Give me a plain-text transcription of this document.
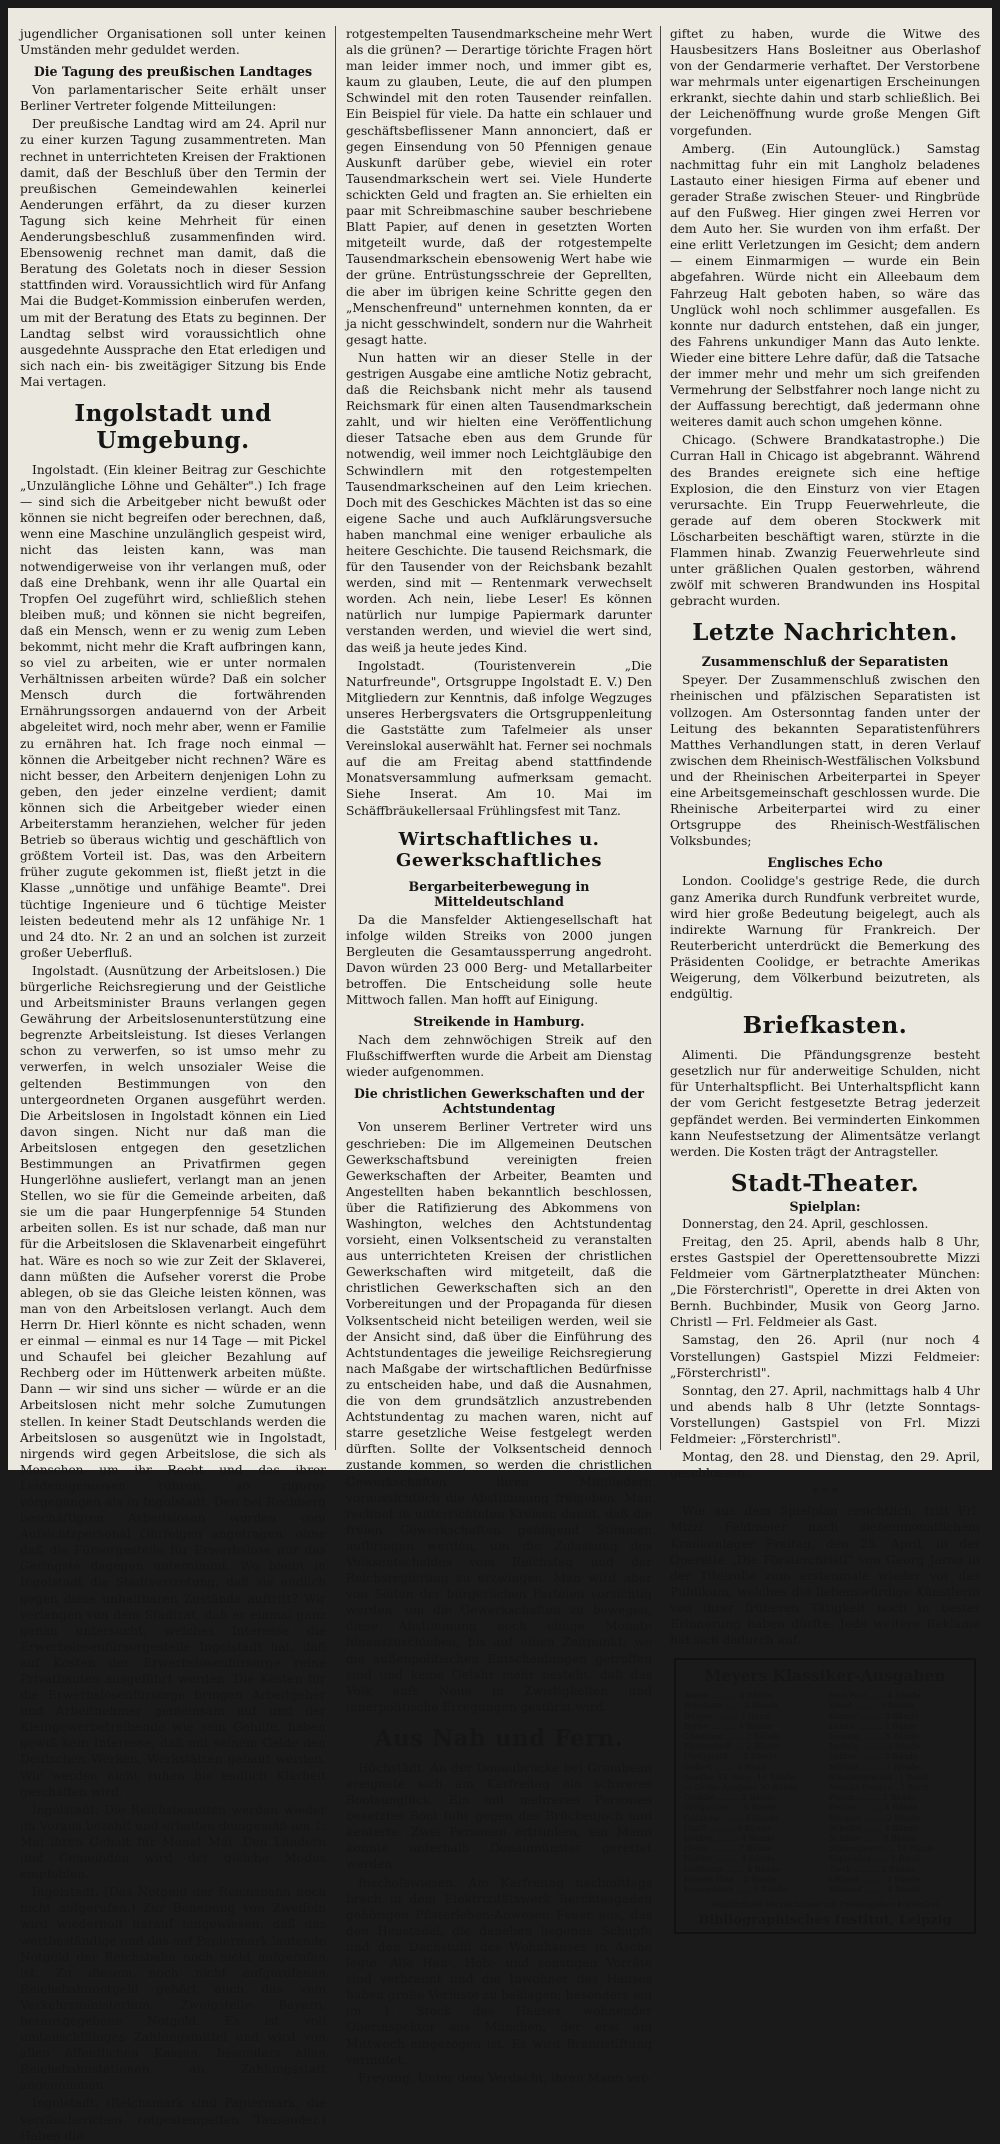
jugendlicher Organisationen soll unter keinen Umständen mehr geduldet werden.

Die Tagung des preußischen Landtages

Von parlamentarischer Seite erhält unser Berliner Vertreter folgende Mitteilungen:

Der preußische Landtag wird am 24. April nur zu einer kurzen Tagung zusammentreten. Man rechnet in unterrichteten Kreisen der Fraktionen damit, daß der Beschluß über den Termin der preußischen Gemeindewahlen keinerlei Aenderungen erfährt, da zu dieser kurzen Tagung sich keine Mehrheit für einen Aenderungsbeschluß zusammenfinden wird. Ebensowenig rechnet man damit, daß die Beratung des Goletats noch in dieser Session stattfinden wird. Voraussichtlich wird für Anfang Mai die Budget-Kommission einberufen werden, um mit der Beratung des Etats zu beginnen. Der Landtag selbst wird voraussichtlich ohne ausgedehnte Aussprache den Etat erledigen und sich nach ein- bis zweitägiger Sitzung bis Ende Mai vertagen.

Ingolstadt und Umgebung.

Ingolstadt. (Ein kleiner Beitrag zur Geschichte „Unzulängliche Löhne und Gehälter".) Ich frage — sind sich die Arbeitgeber nicht bewußt oder können sie nicht begreifen oder berechnen, daß, wenn eine Maschine unzulänglich gespeist wird, nicht das leisten kann, was man notwendigerweise von ihr verlangen muß, oder daß eine Drehbank, wenn ihr alle Quartal ein Tropfen Oel zugeführt wird, schließlich stehen bleiben muß; und können sie nicht begreifen, daß ein Mensch, wenn er zu wenig zum Leben bekommt, nicht mehr die Kraft aufbringen kann, so viel zu arbeiten, wie er unter normalen Verhältnissen arbeiten würde? Daß ein solcher Mensch durch die fortwährenden Ernährungssorgen andauernd von der Arbeit abgeleitet wird, noch mehr aber, wenn er Familie zu ernähren hat. Ich frage noch einmal — können die Arbeitgeber nicht rechnen? Wäre es nicht besser, den Arbeitern denjenigen Lohn zu geben, den jeder einzelne verdient; damit können sich die Arbeitgeber wieder einen Arbeiterstamm heranziehen, welcher für jeden Betrieb so überaus wichtig und geschäftlich von größtem Vorteil ist. Das, was den Arbeitern früher zugute gekommen ist, fließt jetzt in die Klasse „unnötige und unfähige Beamte". Drei tüchtige Ingenieure und 6 tüchtige Meister leisten bedeutend mehr als 12 unfähige Nr. 1 und 24 dto. Nr. 2 an und an solchen ist zurzeit großer Ueberfluß.

Ingolstadt. (Ausnützung der Arbeitslosen.) Die bürgerliche Reichsregierung und der Geistliche und Arbeitsminister Brauns verlangen gegen Gewährung der Arbeitslosenunterstützung eine begrenzte Arbeitsleistung. Ist dieses Verlangen schon zu verwerfen, so ist umso mehr zu verwerfen, in welch unsozialer Weise die geltenden Bestimmungen von den untergeordneten Organen ausgeführt werden. Die Arbeitslosen in Ingolstadt können ein Lied davon singen. Nicht nur daß man die Arbeitslosen entgegen den gesetzlichen Bestimmungen an Privatfirmen gegen Hungerlöhne ausliefert, verlangt man an jenen Stellen, wo sie für die Gemeinde arbeiten, daß sie um die paar Hungerpfennige 54 Stunden arbeiten sollen. Es ist nur schade, daß man nur für die Arbeitslosen die Sklavenarbeit eingeführt hat. Wäre es noch so wie zur Zeit der Sklaverei, dann müßten die Aufseher vorerst die Probe ablegen, ob sie das Gleiche leisten können, was man von den Arbeitslosen verlangt. Auch dem Herrn Dr. Hierl könnte es nicht schaden, wenn er einmal — einmal es nur 14 Tage — mit Pickel und Schaufel bei gleicher Bezahlung auf Rechberg oder im Hüttenwerk arbeiten müßte. Dann — wir sind uns sicher — würde er an die Arbeitslosen nicht mehr solche Zumutungen stellen. In keiner Stadt Deutschlands werden die Arbeitslosen so ausgenützt wie in Ingolstadt, nirgends wird gegen Arbeitslose, die sich als Menschen um ihr Recht und das ihrer Leidensgenossen rühren, so rigoros vorgegangen als in Ingolstadt. Den bei Rechberg beschäftigten Arbeitslosen wurden vom Aufsichtspersonal Ohrfeigen angetragen, ohne daß die Fürsorgestelle für Erwerbslose nur das Geringste dagegen unternimmt. Wo bleibt in Ingolstadt die Stadtvertretung, daß sie endlich gegen diese unhaltbaren Zustände auftritt? Wir verlangen von dem Stadtrat, daß er einmal ganz genau untersucht, welches Interesse die Erwerbslosenfürsorgestelle Ingolstadt hat, daß auf Kosten der Erwerbslosenfürsorge reine Privatbauten ausgeführt werden. Die Kosten für die Erwerbslosenfürsorge bringen Arbeitgeber und Arbeitnehmer gemeinsam auf und der Kleingewerbetreibende wie sein Gehilfe, haben gewiß kein Interesse, daß mit seinem Gelde den Deutschen Werken, Werkstätten gebaut werden. Wir werden nicht ruhen bis endlich Klarheit geschaffen wird.

Ingolstadt. Die Reichsbeamten werden wieder im Voraus bezahlt und erhalten demgemäß am 1. Mai ihren Gehalt für Monat Mai. Den Ländern und Gemeinden wird der gleiche Modus empfohlen.

Ingolstadt. (Das Notgeld der Reichsbahn noch nicht aufgerufen.) Zur Behebung von Zweifeln wird wiederholt darauf hingewiesen, daß das wertbeständige und das auf Papiermark lautende Notgeld der Reichsbahn noch nicht aufgerufen ist. Zu diesem noch nicht aufgerufenen Reichsbahnnotgeld gehört auch das vom Verkehrsministerium, Zweigstelle Bayern, herausgegebene Notgeld. Es ist voll umtauschfähiges Zahlungsmittel und wird von allen öffentlichen Kassen, besonders allen Reichsbahnstationen, an Zahlungsstatt angenommen.

Ingolstadt. (Reichsmark sind Papiermark; die verräucherichen rotgestempelten Tausender.) Haben die

rotgestempelten Tausendmarkscheine mehr Wert als die grünen? — Derartige törichte Fragen hört man leider immer noch, und immer gibt es, kaum zu glauben, Leute, die auf den plumpen Schwindel mit den roten Tausender reinfallen. Ein Beispiel für viele. Da hatte ein schlauer und geschäftsbeflissener Mann annonciert, daß er gegen Einsendung von 50 Pfennigen genaue Auskunft darüber gebe, wieviel ein roter Tausendmarkschein wert sei. Viele Hunderte schickten Geld und fragten an. Sie erhielten ein paar mit Schreibmaschine sauber beschriebene Blatt Papier, auf denen in gesetzten Worten mitgeteilt wurde, daß der rotgestempelte Tausendmarkschein ebensowenig Wert habe wie der grüne. Entrüstungsschreie der Geprellten, die aber im übrigen keine Schritte gegen den „Menschenfreund" unternehmen konnten, da er ja nicht gesschwindelt, sondern nur die Wahrheit gesagt hatte.

Nun hatten wir an dieser Stelle in der gestrigen Ausgabe eine amtliche Notiz gebracht, daß die Reichsbank nicht mehr als tausend Reichsmark für einen alten Tausendmarkschein zahlt, und wir hielten eine Veröffentlichung dieser Tatsache eben aus dem Grunde für notwendig, weil immer noch Leichtgläubige den Schwindlern mit den rotgestempelten Tausendmarkscheinen auf den Leim kriechen. Doch mit des Geschickes Mächten ist das so eine eigene Sache und auch Aufklärungsversuche haben manchmal eine weniger erbauliche als heitere Geschichte. Die tausend Reichsmark, die für den Tausender von der Reichsbank bezahlt werden, sind mit — Rentenmark verwechselt worden. Ach nein, liebe Leser! Es können natürlich nur lumpige Papiermark darunter verstanden werden, und wieviel die wert sind, das weiß ja heute jedes Kind.

Ingolstadt. (Touristenverein „Die Naturfreunde", Ortsgruppe Ingolstadt E. V.) Den Mitgliedern zur Kenntnis, daß infolge Wegzuges unseres Herbergsvaters die Ortsgruppenleitung die Gaststätte zum Tafelmeier als unser Vereinslokal auserwählt hat. Ferner sei nochmals auf die am Freitag abend stattfindende Monatsversammlung aufmerksam gemacht. Siehe Inserat. Am 10. Mai im Schäffbräukellersaal Frühlingsfest mit Tanz.

Wirtschaftliches u. Gewerkschaftliches
Bergarbeiterbewegung in Mitteldeutschland

Da die Mansfelder Aktiengesellschaft hat infolge wilden Streiks von 2000 jungen Bergleuten die Gesamtaussperrung angedroht. Davon würden 23 000 Berg- und Metallarbeiter betroffen. Die Entscheidung solle heute Mittwoch fallen. Man hofft auf Einigung.

Streikende in Hamburg.

Nach dem zehnwöchigen Streik auf den Flußschiffwerften wurde die Arbeit am Dienstag wieder aufgenommen.

Die christlichen Gewerkschaften und der Achtstundentag

Von unserem Berliner Vertreter wird uns geschrieben: Die im Allgemeinen Deutschen Gewerkschaftsbund vereinigten freien Gewerkschaften der Arbeiter, Beamten und Angestellten haben bekanntlich beschlossen, über die Ratifizierung des Abkommens von Washington, welches den Achtstundentag vorsieht, einen Volksentscheid zu veranstalten aus unterrichteten Kreisen der christlichen Gewerkschaften wird mitgeteilt, daß die christlichen Gewerkschaften sich an den Vorbereitungen und der Propaganda für diesen Volksentscheid nicht beteiligen werden, weil sie der Ansicht sind, daß über die Einführung des Achtstundentages die jeweilige Reichsregierung nach Maßgabe der wirtschaftlichen Bedürfnisse zu entscheiden habe, und daß die Ausnahmen, die von dem grundsätzlich anzustrebenden Achtstundentag zu machen waren, nicht auf starre gesetzliche Weise festgelegt werden dürften. Sollte der Volksentscheid dennoch zustande kommen, so werden die christlichen Gewerkschaften ihren Mitgliedern voraussichtlich die Abstimmung freigeben. Man rechnet in unterrichteten Kreisen damit, daß die freien Gewerkschaften genügend Stimmen aufbringen werden, um die Zulassung des Volksentscheides vom Reichstag und der Reichsregierung zu erzwingen. Man wird aber von Seiten der bürgerlichen Parteien vorsichtig werden, um die Gewerkschaften zu bewegen, diese Abstimmung noch einige Monate hinauszuschieben, bis auf einen Zeitpunkt, wo die außenpolitischen Entscheidungen getroffen sind und keine Gefahr mehr besteht, daß das Volk aufs Neue in Zwistigkeiten und innerpolitische Erregungen gestürzt wird.

Aus Nah und Fern.

Höchstädt. An der Donaubrücke bei Gremheim ereignete sich am Karfreitag ein schweres Bootsunglück. Ein mit mehreren Personen besetztes Boot fuhr gegen das Brückenjoch und kenterte. Zwei Personen ertrunken, ein Mann konnte unterhalb Donaumünster gerettet werden.

Bischofswiesen. Am Karfreitag nachmittags brach in dem Elektrizitätswerk Berchtesgaden gehörigen Pfisterlehen-Anwesen Feuer aus, das den Heustadel, die daneben liegende Schupfe und den Dachstuhl des Wohnhauses in Asche legte. Alle Heu-, Holz- und sonstigen Vorräte sind verbrannt und die Inwohner des Hauses haben große Verluste zu beklagen; besonders ein im 1. Stock des Hauses wohnender Oberinspektor aus München, der erst am Mittwoch eingezogen ist. Es wird Brandstiftung vermutet.

Freyung. Unter dem Verdacht, ihren Mann ver-

giftet zu haben, wurde die Witwe des Hausbesitzers Hans Bosleitner aus Oberlashof von der Gendarmerie verhaftet. Der Verstorbene war mehrmals unter eigenartigen Erscheinungen erkrankt, siechte dahin und starb schließlich. Bei der Leichenöffnung wurde große Mengen Gift vorgefunden.

Amberg. (Ein Autounglück.) Samstag nachmittag fuhr ein mit Langholz beladenes Lastauto einer hiesigen Firma auf ebener und gerader Straße zwischen Steuer- und Ringbrüde auf den Fußweg. Hier gingen zwei Herren vor dem Auto her. Sie wurden von ihm erfaßt. Der eine erlitt Verletzungen im Gesicht; dem andern — einem Einmarmigen — wurde ein Bein abgefahren. Würde nicht ein Alleebaum dem Fahrzeug Halt geboten haben, so wäre das Unglück wohl noch schlimmer ausgefallen. Es konnte nur dadurch entstehen, daß ein junger, des Fahrens unkundiger Mann das Auto lenkte. Wieder eine bittere Lehre dafür, daß die Tatsache der immer mehr und mehr um sich greifenden Vermehrung der Selbstfahrer noch lange nicht zu der Auffassung berechtigt, daß jedermann ohne weiteres damit auch schon umgehen könne.

Chicago. (Schwere Brandkatastrophe.) Die Curran Hall in Chicago ist abgebrannt. Während des Brandes ereignete sich eine heftige Explosion, die den Einsturz von vier Etagen verursachte. Ein Trupp Feuerwehrleute, die gerade auf dem oberen Stockwerk mit Löscharbeiten beschäftigt waren, stürzte in die Flammen hinab. Zwanzig Feuerwehrleute sind unter gräßlichen Qualen gestorben, während zwölf mit schweren Brandwunden ins Hospital gebracht wurden.

Letzte Nachrichten.
Zusammenschluß der Separatisten

Speyer. Der Zusammenschluß zwischen den rheinischen und pfälzischen Separatisten ist vollzogen. Am Ostersonntag fanden unter der Leitung des bekannten Separatistenführers Matthes Verhandlungen statt, in deren Verlauf zwischen dem Rheinisch-Westfälischen Volksbund und der Rheinischen Arbeiterpartei in Speyer eine Arbeitsgemeinschaft geschlossen wurde. Die Rheinische Arbeiterpartei wird zu einer Ortsgruppe des Rheinisch-Westfälischen Volksbundes;

Englisches Echo

London. Coolidge's gestrige Rede, die durch ganz Amerika durch Rundfunk verbreitet wurde, wird hier große Bedeutung beigelegt, auch als indirekte Warnung für Frankreich. Der Reuterbericht unterdrückt die Bemerkung des Präsidenten Coolidge, er betrachte Amerikas Weigerung, dem Völkerbund beizutreten, als endgültig.

Briefkasten.

Alimenti. Die Pfändungsgrenze besteht gesetzlich nur für anderweitige Schulden, nicht für Unterhaltspflicht. Bei Unterhaltspflicht kann der vom Gericht festgesetzte Betrag jederzeit gepfändet werden. Bei verminderten Einkommen kann Neufestsetzung der Alimentsätze verlangt werden. Die Kosten trägt der Antragsteller.

Stadt-Theater.
Spielplan:

Donnerstag, den 24. April, geschlossen.

Freitag, den 25. April, abends halb 8 Uhr, erstes Gastspiel der Operettensoubrette Mizzi Feldmeier vom Gärtnerplatztheater München: „Die Försterchristl", Operette in drei Akten von Bernh. Buchbinder, Musik von Georg Jarno. Christl — Frl. Feldmeier als Gast.

Samstag, den 26. April (nur noch 4 Vorstellungen) Gastspiel Mizzi Feldmeier: „Försterchristl".

Sonntag, den 27. April, nachmittags halb 4 Uhr und abends halb 8 Uhr (letzte Sonntags-Vorstellungen) Gastspiel von Frl. Mizzi Feldmeier: „Försterchristl".

Montag, den 28. und Dienstag, den 29. April, geschlossen.

* * *

Wie aus dem Spielplan ersichtlich, tritt Frl. Mizzi Feldmeier nach siebenmonatlichem Krankenlager Freitag, den 25. April, in der Operette „Die Försterchristl" von Georg Jarno in der Titelrolle zum erstenmale wieder vor das Publikum, welches die liebenswürdige Künstlerin von ihrer früheren Tätigkeit noch in bester Erinnerung haben dürfte. Jede weitere Reklame hat sich dadurch auf.

Meyers Klassiker-Ausgaben
Arnim .......... 3 Bände
Brentano ....... 2 Bände
Bürger ......... 1 Band
Byron .......... 4 Bände
Chamisso ....... 2 Bände
Eichendorff .... 2 Bände
Freiligrath .... 2 Bände
Gellert ........ 1 Band
Goethe, Kl. Ausg. 15 Bände
— Große Ausgabe 30 Bände
Grabbe ......... 2 Bände
Grillparzer .... 5 Bände
Gutzkow ........ 4 Bände
Hauff .......... 4 Bände
Hebbel ......... 4 Bände
Heine .......... 7 Bände
Herder ......... 4 Bände
Hoffmann ....... 4 Bände
Homer, Ilias .. 2 Bände
Immermann ...... 3 Bände
Jean Paul ...... 4 Bände
Kleist ......... 3 Bände
Körner ......... 2 Bände
Lenau .......... 2 Bände
Lessing ........ 5 Bände
Ludwig ......... 3 Bände
Luther ......... 3 Bände
Mörike ......... 3 Bände
Nibelungenlied . 1 Band
Novalis-Fouqué . 1 Band
Platen ......... 2 Bände
Reuter ......... 4 Bände
Rückert ........ 2 Bände
Scheffel ....... 4 Bände
Schiller ....... 8 Bände
Shakespeare .... 10 Bände
Sophokles ...... 1 Band
Tieck .......... 3 Bände
Uhland ......... 2 Bände
Wieland ........ 4 Bände
Ausführliche Verzeichnisse mit Preisangaben kostenfrei
Bibliographisches Institut, Leipzig
